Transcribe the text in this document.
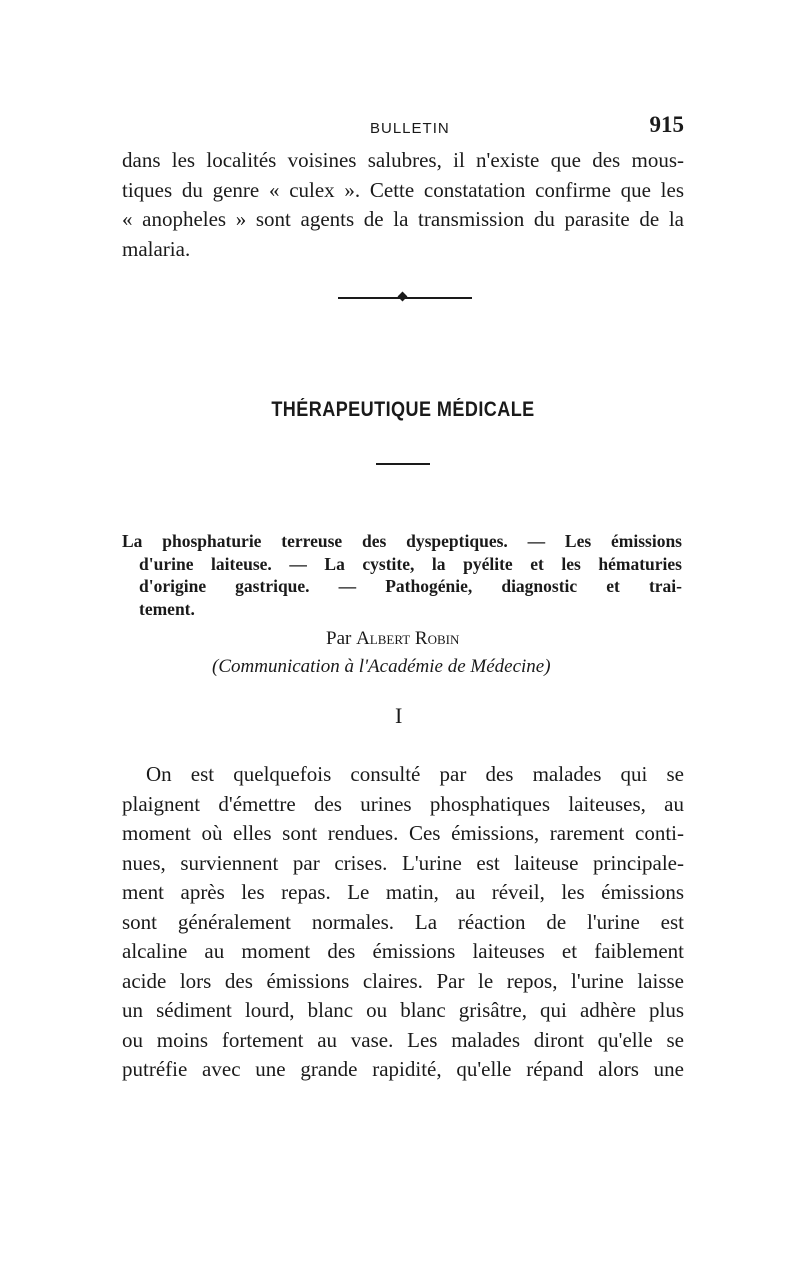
BULLETIN	915
dans les localités voisines salubres, il n'existe que des mous-
tiques du genre « culex ». Cette constatation confirme que les
« anopheles » sont agents de la transmission du parasite de la
malaria.
THÉRAPEUTIQUE MÉDICALE
La phosphaturie terreuse des dyspeptiques. — Les émissions
d'urine laiteuse. — La cystite, la pyélite et les hématuries
d'origine gastrique. — Pathogénie, diagnostic et trai-
tement.
Par Albert Robin
(Communication à l'Académie de Médecine)
I
On est quelquefois consulté par des malades qui se
plaignent d'émettre des urines phosphatiques laiteuses, au
moment où elles sont rendues. Ces émissions, rarement conti-
nues, surviennent par crises. L'urine est laiteuse principale-
ment après les repas. Le matin, au réveil, les émissions
sont généralement normales. La réaction de l'urine est
alcaline au moment des émissions laiteuses et faiblement
acide lors des émissions claires. Par le repos, l'urine laisse
un sédiment lourd, blanc ou blanc grisâtre, qui adhère plus
ou moins fortement au vase. Les malades diront qu'elle se
putréfie avec une grande rapidité, qu'elle répand alors une
